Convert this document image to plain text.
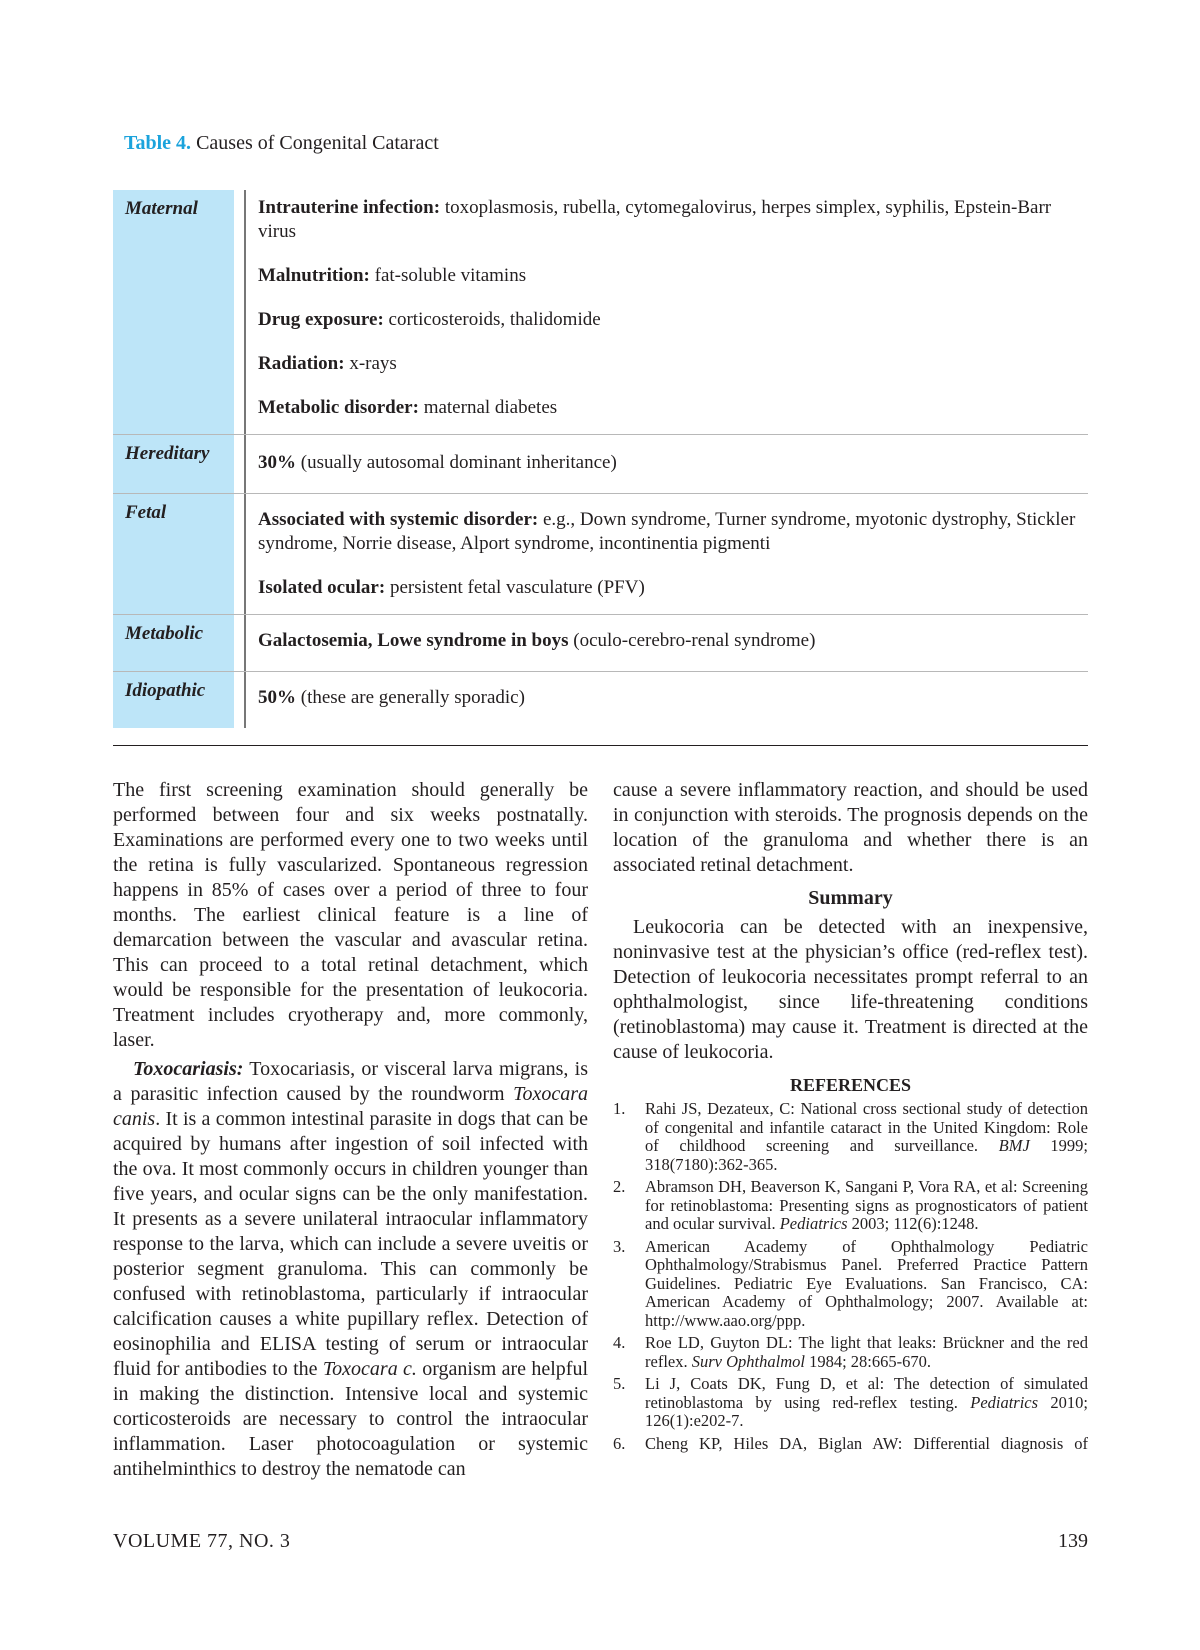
Table 4. Causes of Congenital Cataract
Maternal	Intrauterine infection: toxoplasmosis, rubella, cytomegalovirus, herpes simplex, syphilis, Epstein-Barr virus

Malnutrition: fat-soluble vitamins

Drug exposure: corticosteroids, thalidomide

Radiation: x-rays

Metabolic disorder: maternal diabetes

Hereditary	30% (usually autosomal dominant inheritance)

Fetal	Associated with systemic disorder: e.g., Down syndrome, Turner syndrome, myotonic dystrophy, Stickler syndrome, Norrie disease, Alport syndrome, incontinentia pigmenti

Isolated ocular: persistent fetal vasculature (PFV)

Metabolic	Galactosemia, Lowe syndrome in boys (oculo-cerebro-renal syndrome)

Idiopathic	50% (these are generally sporadic)

The first screening examination should generally be performed between four and six weeks postnatally. Examinations are performed every one to two weeks until the retina is fully vascularized. Spontaneous regression happens in 85% of cases over a period of three to four months. The earliest clinical feature is a line of demarcation between the vascular and avascular retina. This can proceed to a total retinal detachment, which would be responsible for the presentation of leukocoria. Treatment includes cryotherapy and, more commonly, laser.

Toxocariasis: Toxocariasis, or visceral larva migrans, is a parasitic infection caused by the roundworm Toxocara canis. It is a common intestinal parasite in dogs that can be acquired by humans after ingestion of soil infected with the ova. It most commonly occurs in children younger than five years, and ocular signs can be the only manifestation. It presents as a severe unilateral intraocular inflammatory response to the larva, which can include a severe uveitis or posterior segment granuloma. This can commonly be confused with retinoblastoma, particularly if intraocular calcification causes a white pupillary reflex. Detection of eosinophilia and ELISA testing of serum or intraocular fluid for antibodies to the Toxocara c. organism are helpful in making the distinction. Intensive local and systemic corticosteroids are necessary to control the intraocular inflammation. Laser photocoagulation or systemic antihelminthics to destroy the nematode can

cause a severe inflammatory reaction, and should be used in conjunction with steroids. The prognosis depends on the location of the granuloma and whether there is an associated retinal detachment.

Summary

Leukocoria can be detected with an inexpensive, noninvasive test at the physician’s office (red-reflex test). Detection of leukocoria necessitates prompt referral to an ophthalmologist, since life-threatening conditions (retinoblastoma) may cause it. Treatment is directed at the cause of leukocoria.

REFERENCES
1.	Rahi JS, Dezateux, C: National cross sectional study of detection of congenital and infantile cataract in the United Kingdom: Role of childhood screening and surveillance. BMJ 1999; 318(7180):362-365.
2.	Abramson DH, Beaverson K, Sangani P, Vora RA, et al: Screening for retinoblastoma: Presenting signs as prognosticators of patient and ocular survival. Pediatrics 2003; 112(6):1248.
3.	American Academy of Ophthalmology Pediatric Ophthalmology/Strabismus Panel. Preferred Practice Pattern Guidelines. Pediatric Eye Evaluations. San Francisco, CA: American Academy of Ophthalmology; 2007. Available at: http://www.aao.org/ppp.
4.	Roe LD, Guyton DL: The light that leaks: Brückner and the red reflex. Surv Ophthalmol 1984; 28:665-670.
5.	Li J, Coats DK, Fung D, et al: The detection of simulated retinoblastoma by using red-reflex testing. Pediatrics 2010; 126(1):e202-7.
6.	Cheng KP, Hiles DA, Biglan AW: Differential diagnosis of
VOLUME 77, NO. 3	139
